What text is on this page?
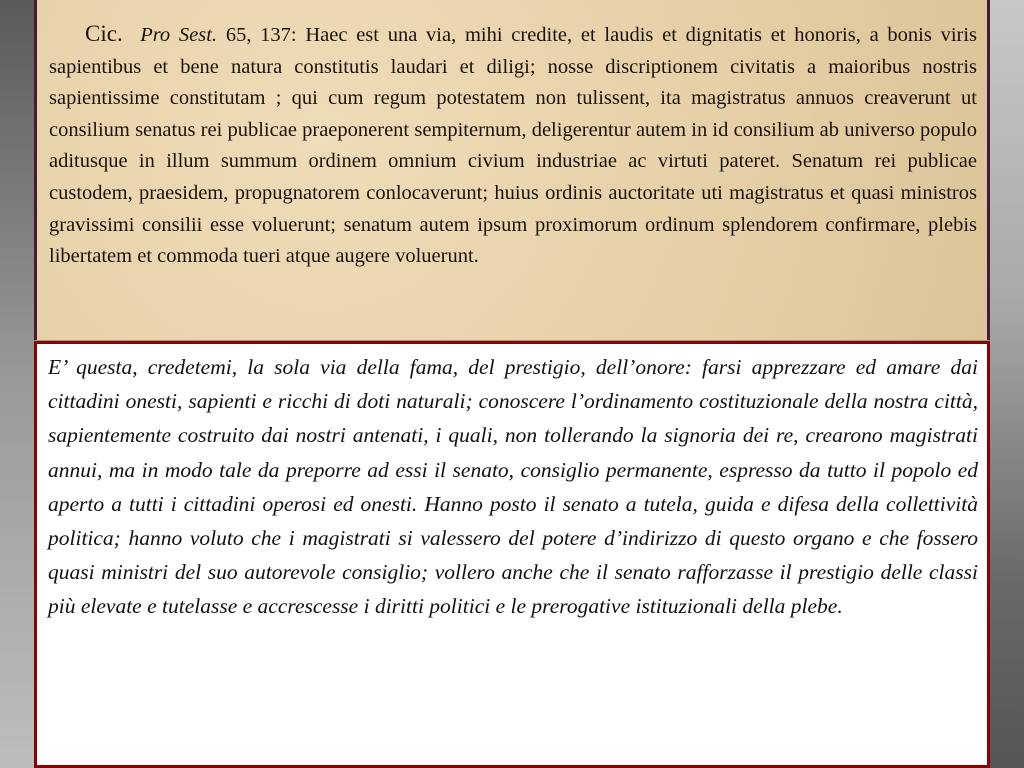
Cic. Pro Sest. 65, 137: Haec est una via, mihi credite, et laudis et dignitatis et honoris, a bonis viris sapientibus et bene natura constitutis laudari et diligi; nosse discriptionem civitatis a maioribus nostris sapientissime constitutam ; qui cum regum potestatem non tulissent, ita magistratus annuos creaverunt ut consilium senatus rei publicae praeponerent sempiternum, deligerentur autem in id consilium ab universo populo aditusque in illum summum ordinem omnium civium industriae ac virtuti pateret. Senatum rei publicae custodem, praesidem, propugnatorem conlocaverunt; huius ordinis auctoritate uti magistratus et quasi ministros gravissimi consilii esse voluerunt; senatum autem ipsum proximorum ordinum splendorem confirmare, plebis libertatem et commoda tueri atque augere voluerunt.
E’ questa, credetemi, la sola via della fama, del prestigio, dell’onore: farsi apprezzare ed amare dai cittadini onesti, sapienti e ricchi di doti naturali; conoscere l’ordinamento costituzionale della nostra città, sapientemente costruito dai nostri antenati, i quali, non tollerando la signoria dei re, crearono magistrati annui, ma in modo tale da preporre ad essi il senato, consiglio permanente, espresso da tutto il popolo ed aperto a tutti i cittadini operosi ed onesti. Hanno posto il senato a tutela, guida e difesa della collettività politica; hanno voluto che i magistrati si valessero del potere d’indirizzo di questo organo e che fossero quasi ministri del suo autorevole consiglio; vollero anche che il senato rafforzasse il prestigio delle classi più elevate e tutelasse e accrescesse i diritti politici e le prerogative istituzionali della plebe.
